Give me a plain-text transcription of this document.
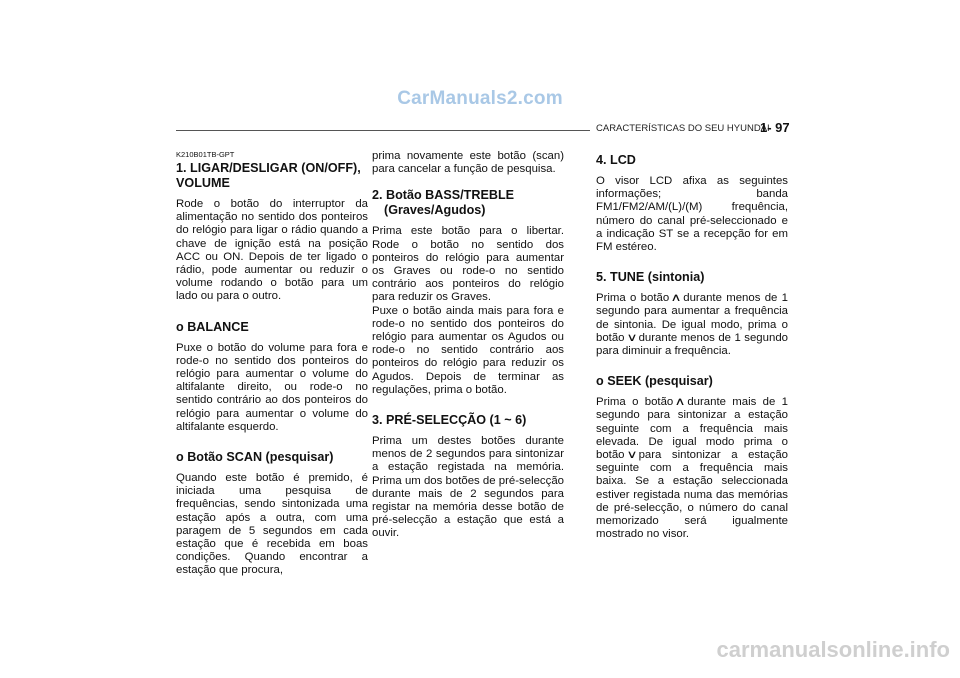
CarManuals2.com
CARACTERÍSTICAS DO SEU HYUNDAI
1- 97
K210B01TB-GPT
1. LIGAR/DESLIGAR (ON/OFF),
VOLUME

Rode o botão do interruptor da alimentação no sentido dos ponteiros do relógio para ligar o rádio quando a chave de ignição está na posição ACC ou ON. Depois de ter ligado o rádio, pode aumentar ou reduzir o volume rodando o botão para um lado ou para o outro.

o BALANCE

Puxe o botão do volume para fora e rode-o no sentido dos ponteiros do relógio para aumentar o volume do altifalante direito, ou rode-o no sentido contrário ao dos ponteiros do relógio para aumentar o volume do altifalante esquerdo.

o Botão SCAN (pesquisar)

Quando este botão é premido, é iniciada uma pesquisa de frequências, sendo sintonizada uma estação após a outra, com uma paragem de 5 segundos em cada estação que é recebida em boas condições. Quando encontrar a estação que procura,

prima novamente este botão (scan) para cancelar a função de pesquisa.

2. Botão BASS/TREBLE
(Graves/Agudos)

Prima este botão para o libertar. Rode o botão no sentido dos ponteiros do relógio para aumentar os Graves ou rode-o no sentido contrário aos ponteiros do relógio para reduzir os Graves.

Puxe o botão ainda mais para fora e rode-o no sentido dos ponteiros do relógio para aumentar os Agudos ou rode-o no sentido contrário aos ponteiros do relógio para reduzir os Agudos. Depois de terminar as regulações, prima o botão.

3. PRÉ-SELECÇÃO (1 ~ 6)

Prima um destes botões durante menos de 2 segundos para sintonizar a estação registada na memória. Prima um dos botões de pré-selecção durante mais de 2 segundos para registar na memória desse botão de pré-selecção a estação que está a ouvir.

4. LCD

O visor LCD afixa as seguintes informações; banda FM1/FM2/AM/(L)/(M) frequência, número do canal pré-seleccionado e a indicação ST se a recepção for em FM estéreo.

5. TUNE (sintonia)

Prima o botão∧durante menos de 1 segundo para aumentar a frequência de sintonia. De igual modo, prima o botão∨durante menos de 1 segundo para diminuir a frequência.

o SEEK (pesquisar)

Prima o botão∧durante mais de 1 segundo para sintonizar a estação seguinte com a frequência mais elevada. De igual modo prima o botão∨para sintonizar a estação seguinte com a frequência mais baixa. Se a estação seleccionada estiver registada numa das memórias de pré-selecção, o número do canal memorizado será igualmente mostrado no visor.

carmanualsonline.info
